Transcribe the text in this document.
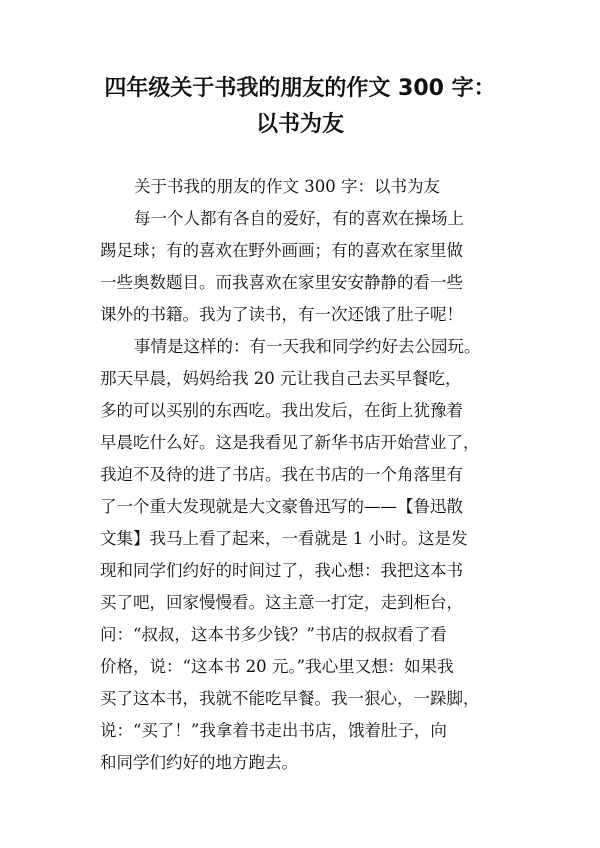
四年级关于书我的朋友的作文 300 字：
以书为友
关于书我的朋友的作文 300 字：以书为友
每一个人都有各自的爱好，有的喜欢在操场上
踢足球；有的喜欢在野外画画；有的喜欢在家里做
一些奥数题目。而我喜欢在家里安安静静的看一些
课外的书籍。我为了读书，有一次还饿了肚子呢！
事情是这样的：有一天我和同学约好去公园玩。
那天早晨，妈妈给我 20 元让我自己去买早餐吃，
多的可以买别的东西吃。我出发后，在街上犹豫着
早晨吃什么好。这是我看见了新华书店开始营业了，
我迫不及待的进了书店。我在书店的一个角落里有
了一个重大发现就是大文豪鲁迅写的——【鲁迅散
文集】我马上看了起来，一看就是 1 小时。这是发
现和同学们约好的时间过了，我心想：我把这本书
买了吧，回家慢慢看。这主意一打定，走到柜台，
问：“叔叔，这本书多少钱？”书店的叔叔看了看
价格，说：“这本书 20 元。”我心里又想：如果我
买了这本书，我就不能吃早餐。我一狠心，一跺脚，
说：“买了！”我拿着书走出书店，饿着肚子，向
和同学们约好的地方跑去。
